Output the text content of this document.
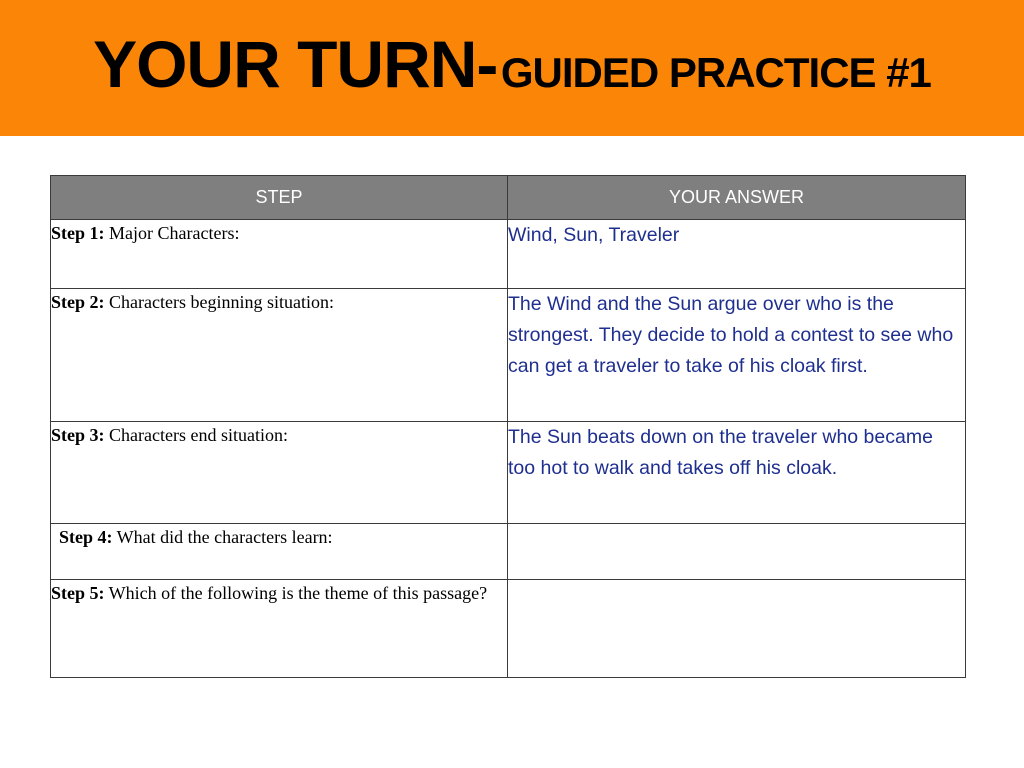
YOUR TURN- GUIDED PRACTICE #1
STEP	YOUR ANSWER
Step 1: Major Characters:	Wind, Sun, Traveler
Step 2: Characters beginning situation:	The Wind and the Sun argue over who is the strongest. They decide to hold a contest to see who can get a traveler to take of his cloak first.
Step 3: Characters end situation:	The Sun beats down on the traveler who became too hot to walk and takes off his cloak.
Step 4: What did the characters learn:	
Step 5: Which of the following is the theme of this passage?	
